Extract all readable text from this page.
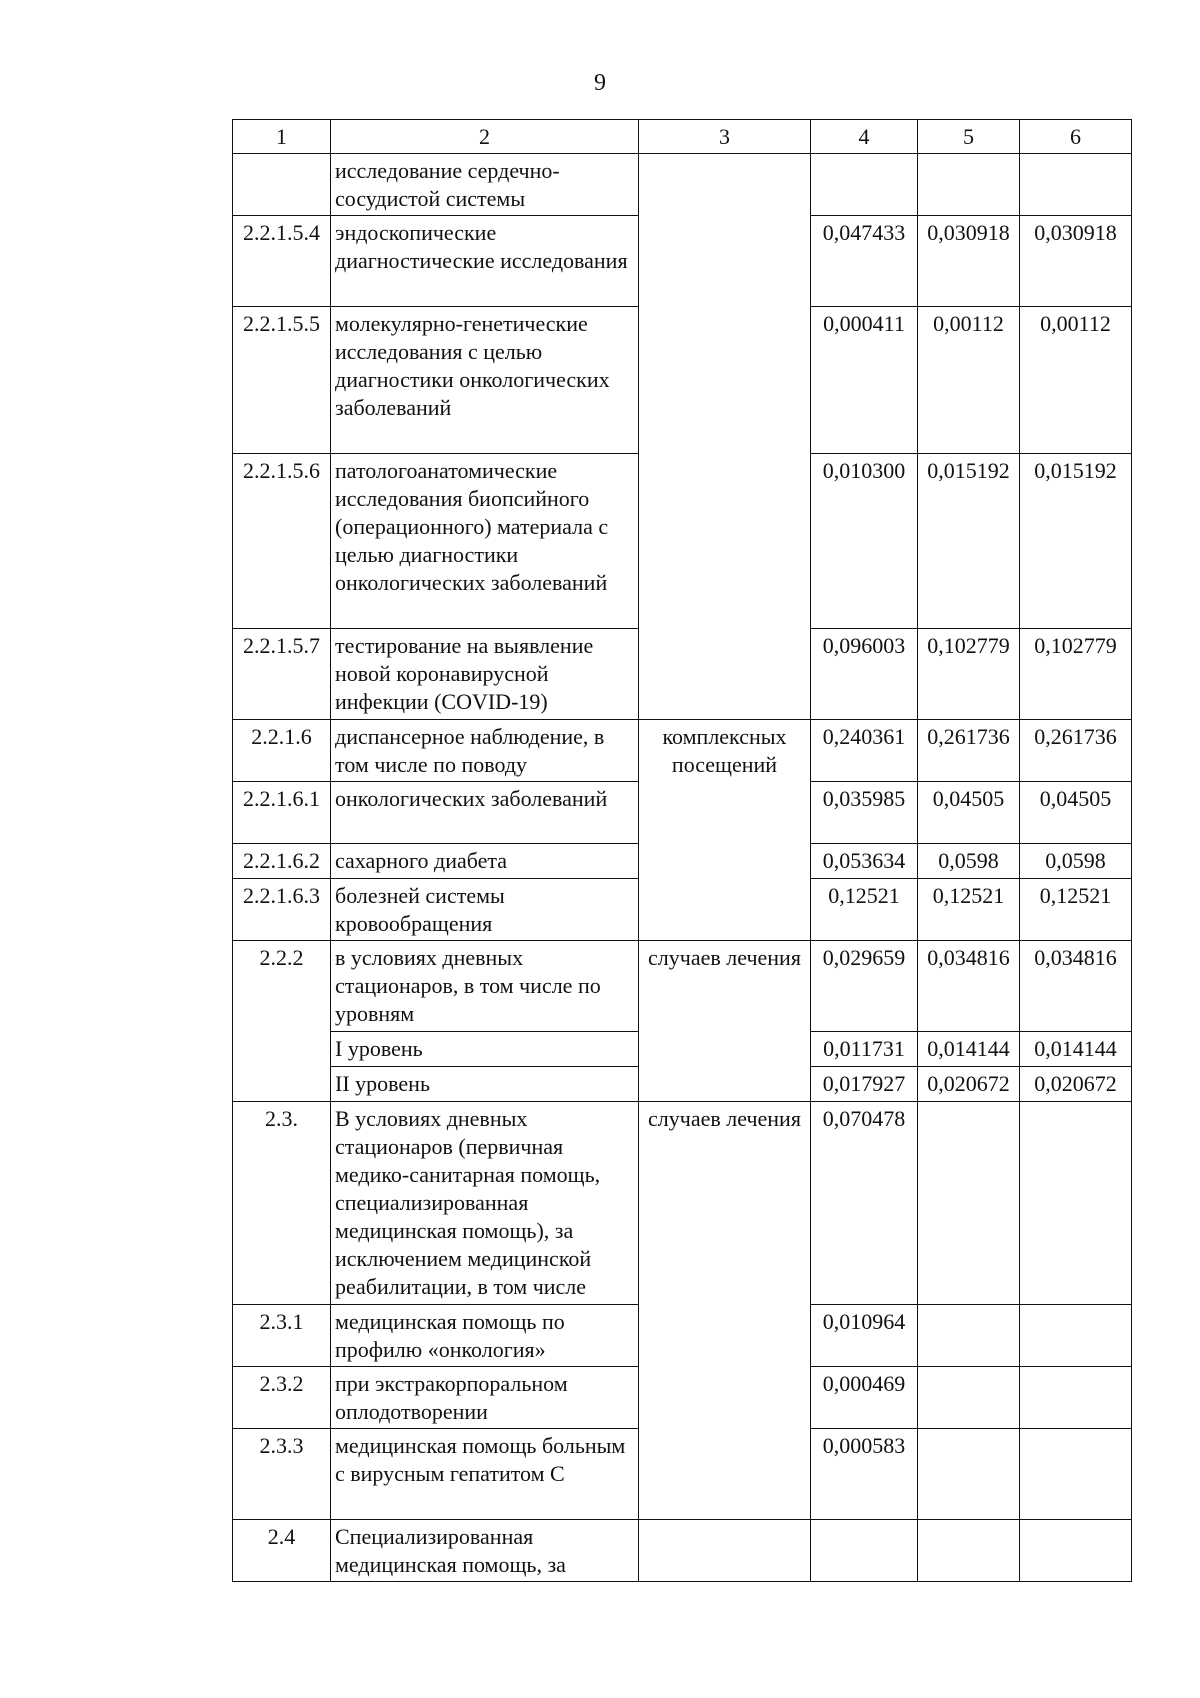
9
1	2	3	4	5	6
	исследование сердечно-сосудистой системы				
2.2.1.5.4	эндоскопические диагностические исследования		0,047433	0,030918	0,030918
2.2.1.5.5	молекулярно-генетические исследования с целью диагностики онкологических заболеваний		0,000411	0,00112	0,00112
2.2.1.5.6	патологоанатомические исследования биопсийного (операционного) материала с целью диагностики онкологических заболеваний		0,010300	0,015192	0,015192
2.2.1.5.7	тестирование на выявление новой коронавирусной инфекции (COVID-19)		0,096003	0,102779	0,102779
2.2.1.6	диспансерное наблюдение, в том числе по поводу	комплексных посещений	0,240361	0,261736	0,261736
2.2.1.6.1	онкологических заболеваний		0,035985	0,04505	0,04505
2.2.1.6.2	сахарного диабета		0,053634	0,0598	0,0598
2.2.1.6.3	болезней системы кровообращения		0,12521	0,12521	0,12521
2.2.2	в условиях дневных стационаров, в том числе по уровням	случаев лечения	0,029659	0,034816	0,034816
	I уровень		0,011731	0,014144	0,014144
	II уровень		0,017927	0,020672	0,020672
2.3.	В условиях дневных стационаров (первичная медико-санитарная помощь, специализированная медицинская помощь), за исключением медицинской реабилитации, в том числе	случаев лечения	0,070478		
2.3.1	медицинская помощь по профилю «онкология»		0,010964		
2.3.2	при экстракорпоральном оплодотворении		0,000469		
2.3.3	медицинская помощь больным с вирусным гепатитом С		0,000583		
2.4	Специализированная медицинская помощь, за				
